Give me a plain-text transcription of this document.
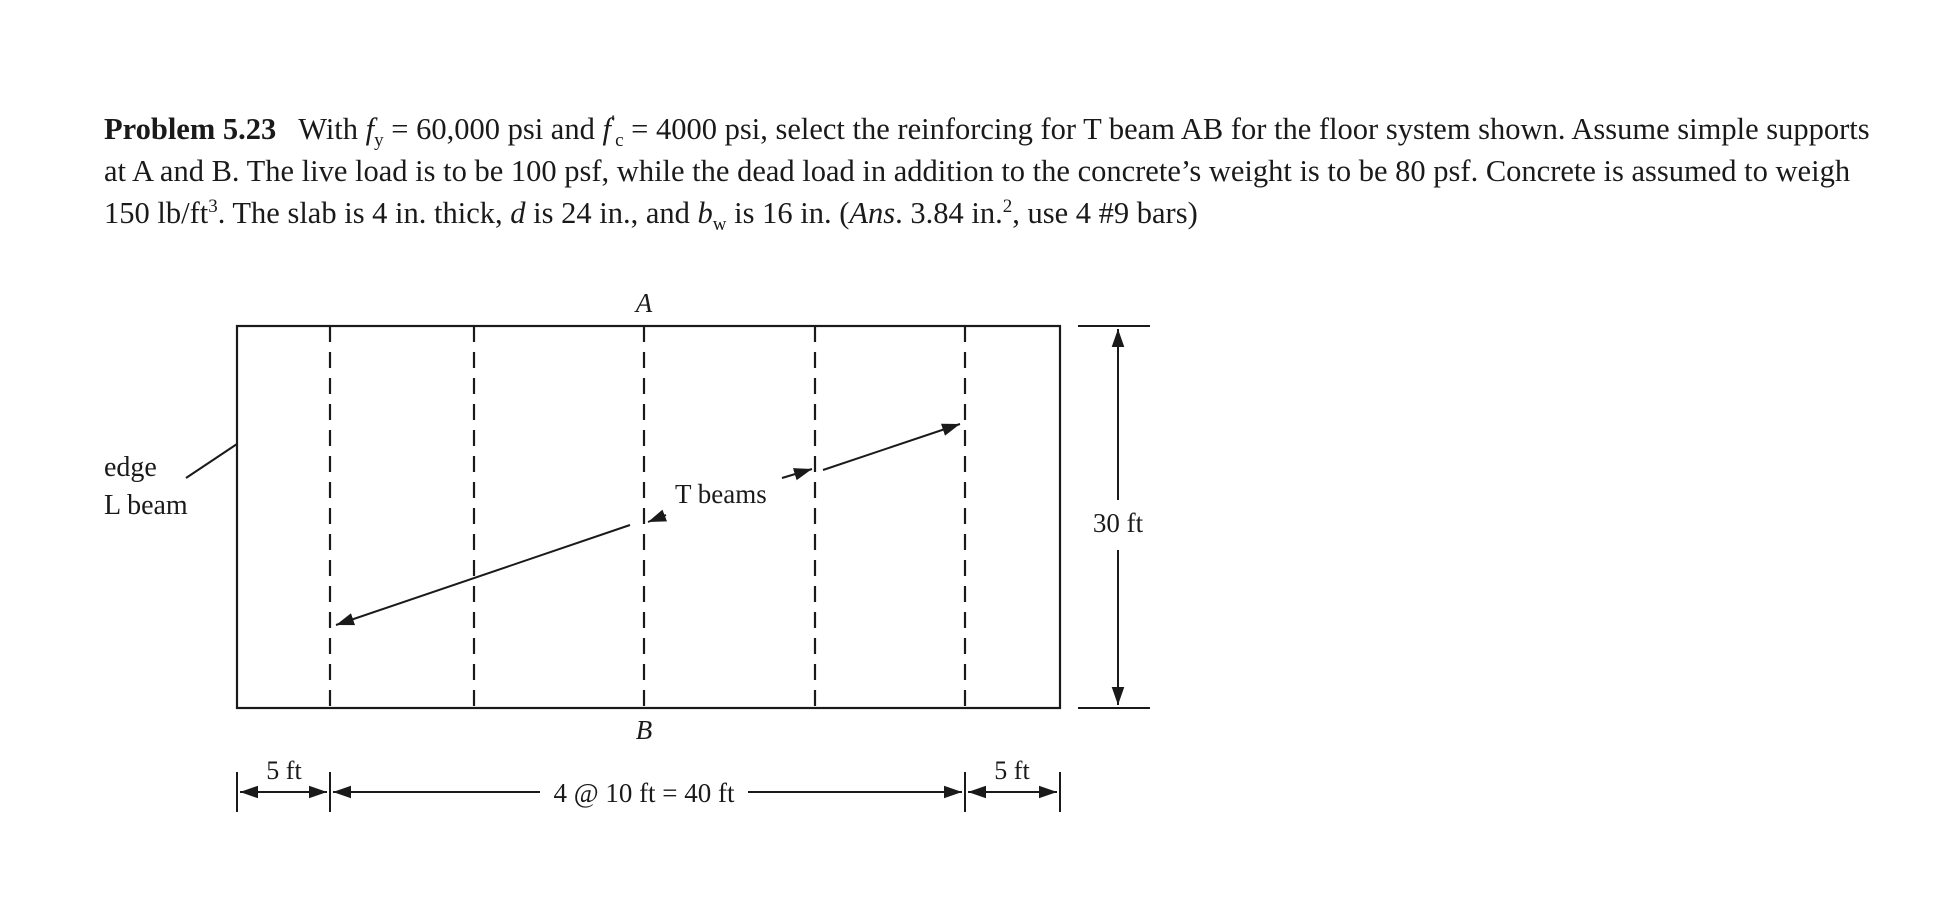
Problem 5.23 With $f_y = 60,000$ psi and $f'_c = 4000$ psi, select the reinforcing for T beam AB for the floor system shown. Assume simple supports at A and B. The live load is to be 100 psf, while the dead load in addition to the concrete’s weight is to be 80 psf. Concrete is assumed to weigh 150 $lb/ft^3$. The slab is 4 in. thick, d is 24 in., and $b_w$ is 16 in. (Ans. 3.84 in.$^2$, use 4 #9 bars)

A
B
edge
L beam	T beams
30 ft
5 ft
4 @ 10 ft = 40 ft
5 ft
